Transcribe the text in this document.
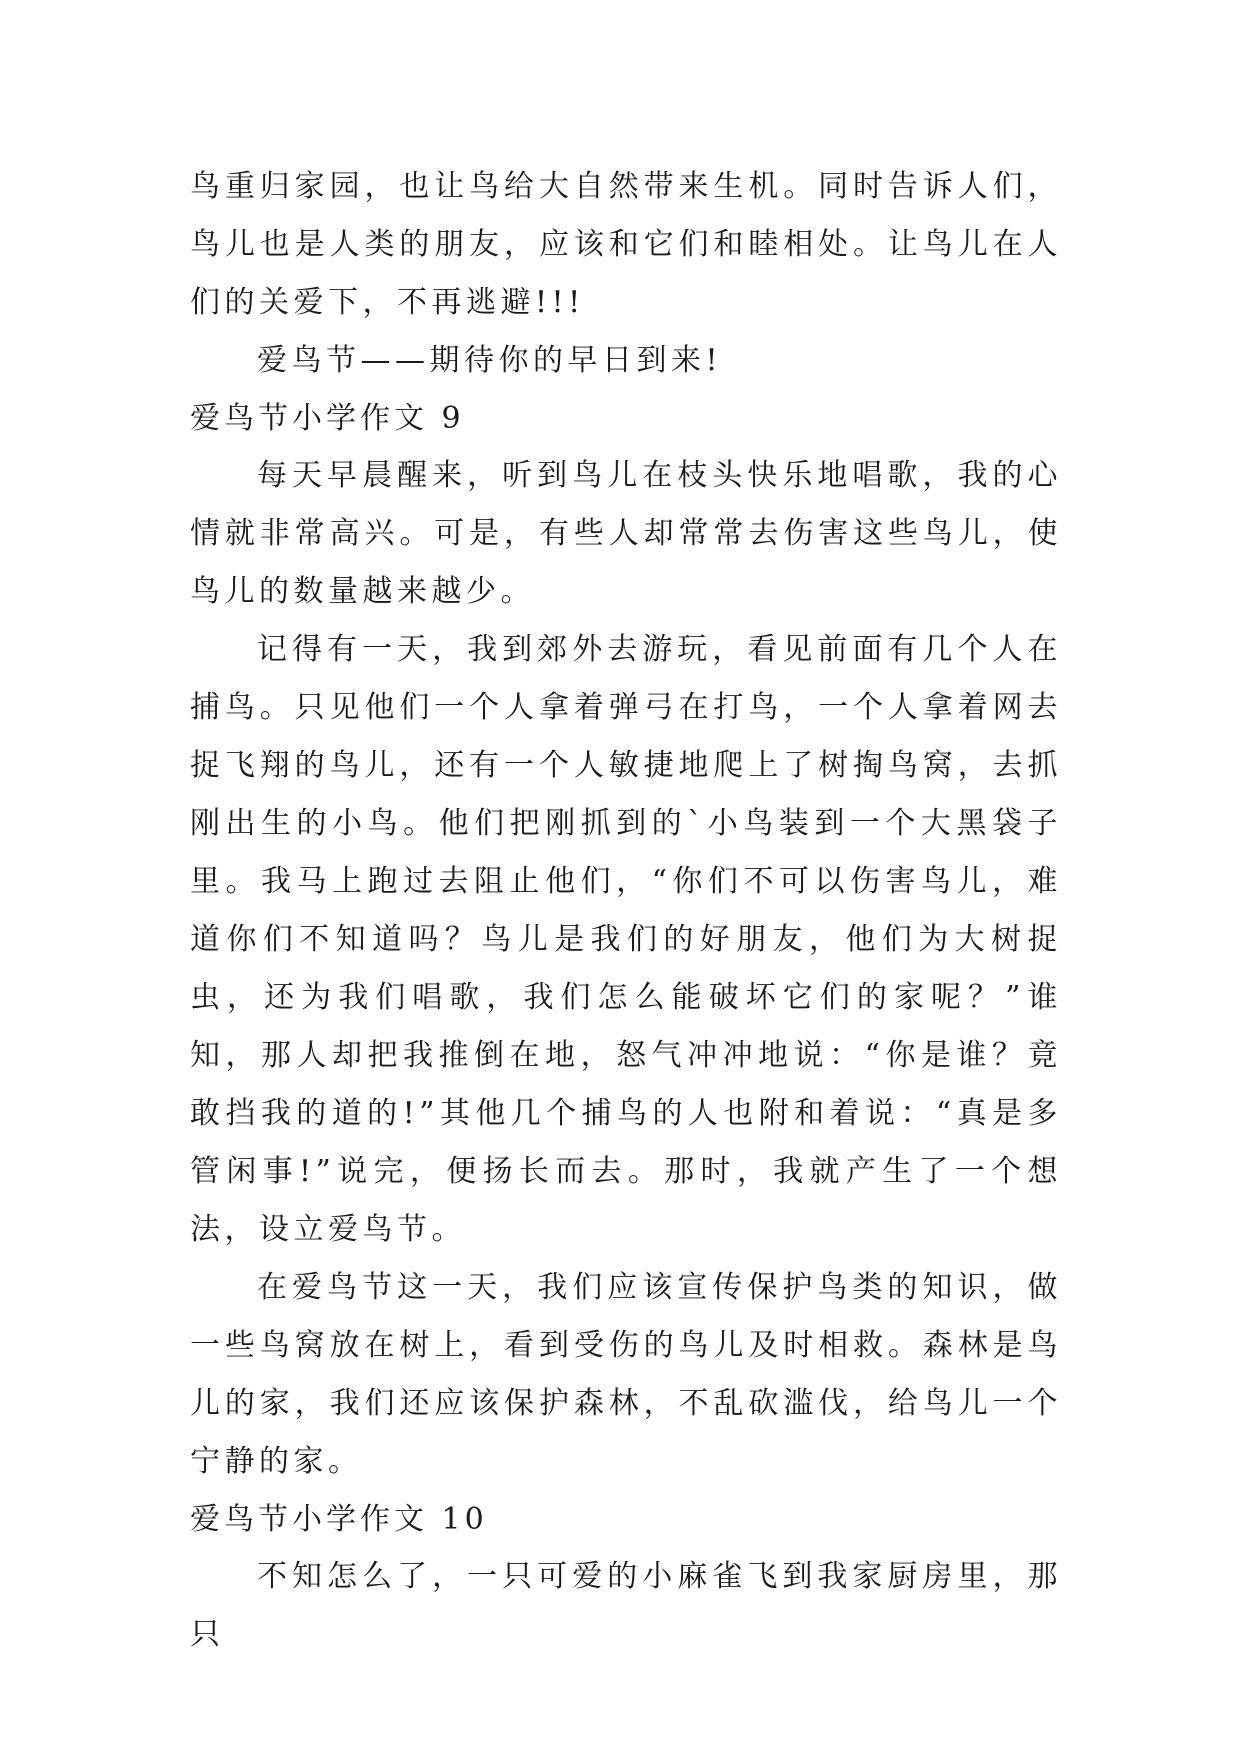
鸟重归家园，也让鸟给大自然带来生机。同时告诉人们，鸟儿也是人类的朋友，应该和它们和睦相处。让鸟儿在人们的关爱下，不再逃避!!!

爱鸟节——期待你的早日到来!

爱鸟节小学作文 9

每天早晨醒来，听到鸟儿在枝头快乐地唱歌，我的心情就非常高兴。可是，有些人却常常去伤害这些鸟儿，使鸟儿的数量越来越少。

记得有一天，我到郊外去游玩，看见前面有几个人在捕鸟。只见他们一个人拿着弹弓在打鸟，一个人拿着网去捉飞翔的鸟儿，还有一个人敏捷地爬上了树掏鸟窝，去抓刚出生的小鸟。他们把刚抓到的`小鸟装到一个大黑袋子里。我马上跑过去阻止他们，“你们不可以伤害鸟儿，难道你们不知道吗？鸟儿是我们的好朋友，他们为大树捉虫，还为我们唱歌，我们怎么能破坏它们的家呢？”谁知，那人却把我推倒在地，怒气冲冲地说：“你是谁？竟敢挡我的道的!”其他几个捕鸟的人也附和着说：“真是多管闲事!”说完，便扬长而去。那时，我就产生了一个想法，设立爱鸟节。

在爱鸟节这一天，我们应该宣传保护鸟类的知识，做一些鸟窝放在树上，看到受伤的鸟儿及时相救。森林是鸟儿的家，我们还应该保护森林，不乱砍滥伐，给鸟儿一个宁静的家。

爱鸟节小学作文 10

不知怎么了，一只可爱的小麻雀飞到我家厨房里，那只
